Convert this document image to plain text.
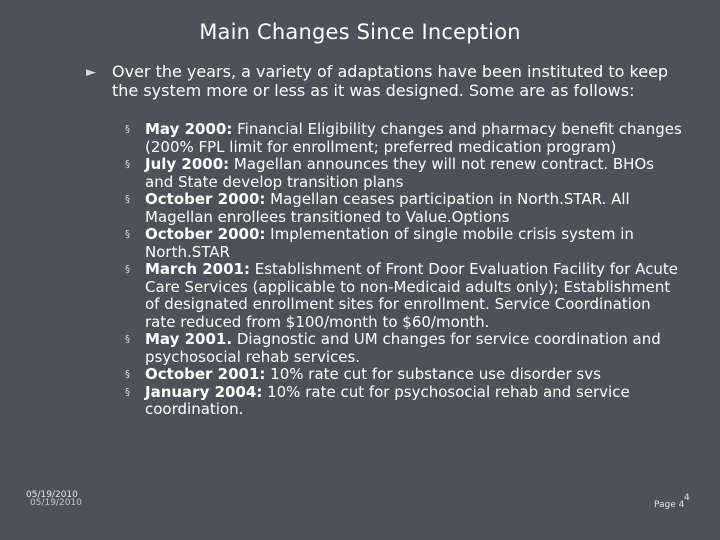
Main Changes Since Inception
► Over the years, a variety of adaptations have been instituted to keep the system more or less as it was designed. Some are as follows:
§	May 2000: Financial Eligibility changes and pharmacy benefit changes (200% FPL limit for enrollment; preferred medication program)
§	July 2000: Magellan announces they will not renew contract. BHOs and State develop transition plans
§	October 2000: Magellan ceases participation in North.STAR. All Magellan enrollees transitioned to Value.Options
§	October 2000: Implementation of single mobile crisis system in North.STAR
§	March 2001: Establishment of Front Door Evaluation Facility for Acute Care Services (applicable to non-Medicaid adults only); Establishment of designated enrollment sites for enrollment. Service Coordination rate reduced from $100/month to $60/month.
§	May 2001. Diagnostic and UM changes for service coordination and psychosocial rehab services.
§	October 2001: 10% rate cut for substance use disorder svs
§	January 2004: 10% rate cut for psychosocial rehab and service coordination.
05/19/2010
05/19/2010	Page 4
4
